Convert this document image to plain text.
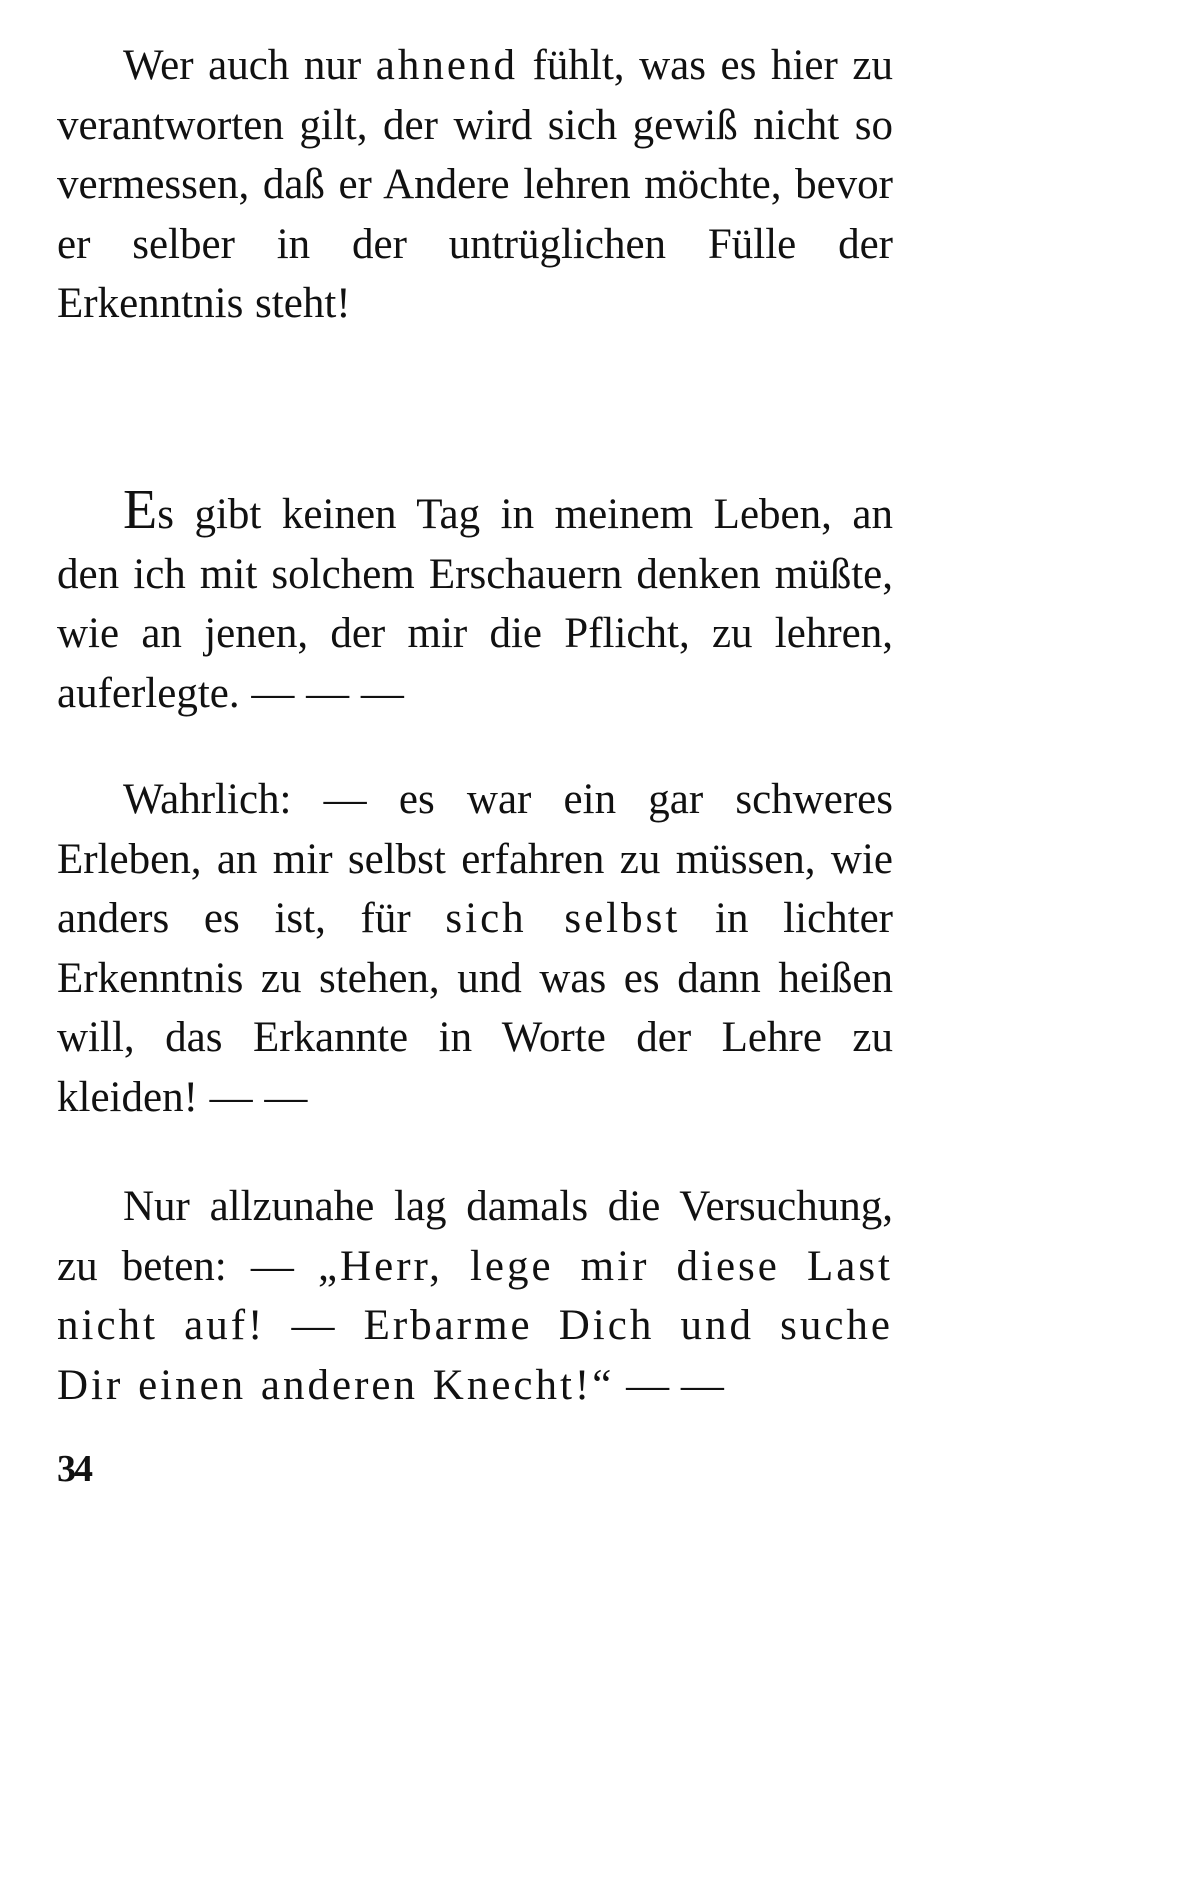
Wer auch nur ahnend fühlt, was es hier zu verantworten gilt, der wird sich gewiß nicht so vermessen, daß er Andere lehren möchte, bevor er selber in der untrüglichen Fülle der Erkenntnis steht!

Es gibt keinen Tag in meinem Leben, an den ich mit solchem Erschauern denken müßte, wie an jenen, der mir die Pflicht, zu lehren, auferlegte. — — —

Wahrlich: — es war ein gar schweres Erleben, an mir selbst erfahren zu müssen, wie anders es ist, für sich selbst in lichter Erkenntnis zu stehen, und was es dann heißen will, das Erkannte in Worte der Lehre zu kleiden! — —

Nur allzunahe lag damals die Versuchung, zu beten: — „Herr, lege mir diese Last nicht auf! — Erbarme Dich und suche Dir einen anderen Knecht!“ — —

34
